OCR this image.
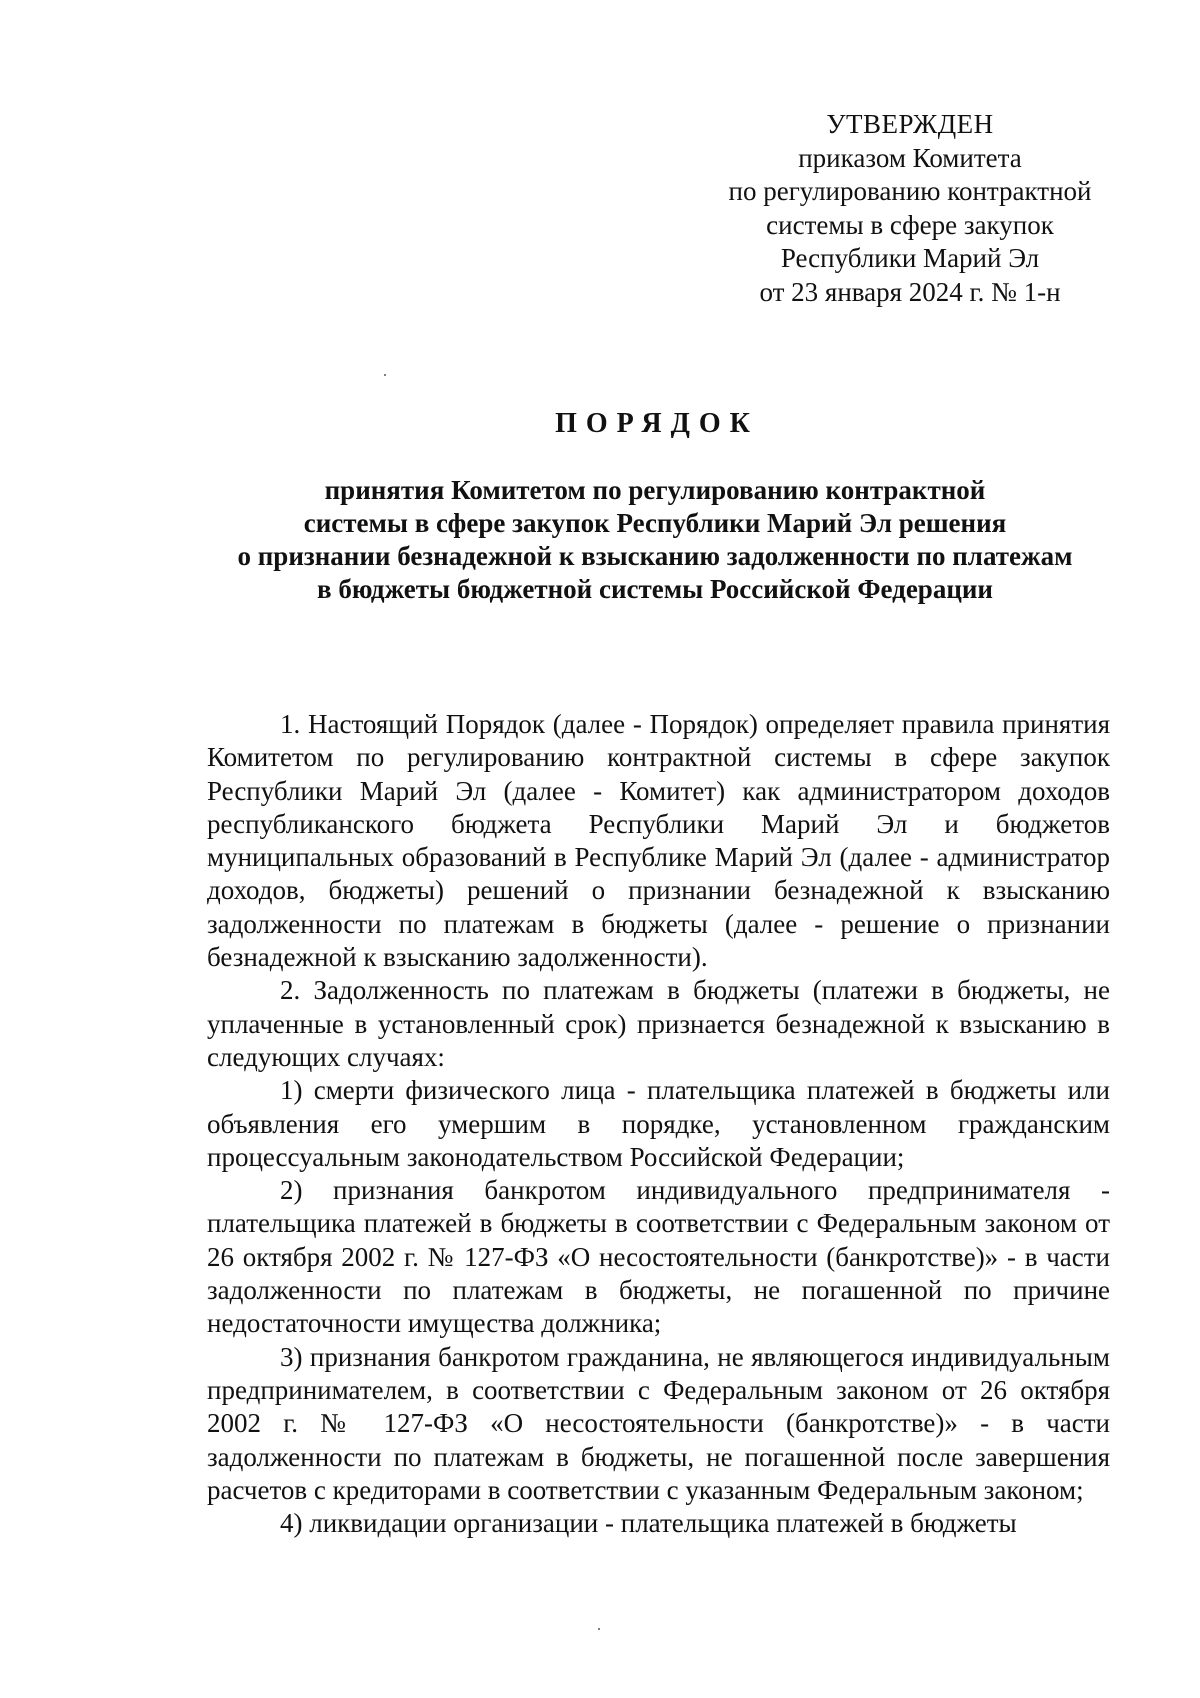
УТВЕРЖДЕН
приказом Комитета
по регулированию контрактной
системы в сфере закупок
Республики Марий Эл
от 23 января 2024 г. № 1-н
ПОРЯДОК
принятия Комитетом по регулированию контрактной
системы в сфере закупок Республики Марий Эл решения
о признании безнадежной к взысканию задолженности по платежам
в бюджеты бюджетной системы Российской Федерации

1. Настоящий Порядок (далее - Порядок) определяет правила принятия Комитетом по регулированию контрактной системы в сфере закупок Республики Марий Эл (далее - Комитет) как администратором доходов республиканского бюджета Республики Марий Эл и бюджетов муниципальных образований в Республике Марий Эл (далее - администратор доходов, бюджеты) решений о признании безнадежной к взысканию задолженности по платежам в бюджеты (далее - решение о признании безнадежной к взысканию задолженности).

2. Задолженность по платежам в бюджеты (платежи в бюджеты, не уплаченные в установленный срок) признается безнадежной к взысканию в следующих случаях:

1) смерти физического лица - плательщика платежей в бюджеты или объявления его умершим в порядке, установленном гражданским процессуальным законодательством Российской Федерации;

2) признания банкротом индивидуального предпринимателя - плательщика платежей в бюджеты в соответствии с Федеральным законом от 26 октября 2002 г. № 127-ФЗ «О несостоятельности (банкротстве)» - в части задолженности по платежам в бюджеты, не погашенной по причине недостаточности имущества должника;

3) признания банкротом гражданина, не являющегося индивидуальным предпринимателем, в соответствии с Федеральным законом от 26 октября 2002 г. № 127-ФЗ «О несостоятельности (банкротстве)» - в части задолженности по платежам в бюджеты, не погашенной после завершения расчетов с кредиторами в соответствии с указанным Федеральным законом;

4) ликвидации организации - плательщика платежей в бюджеты
